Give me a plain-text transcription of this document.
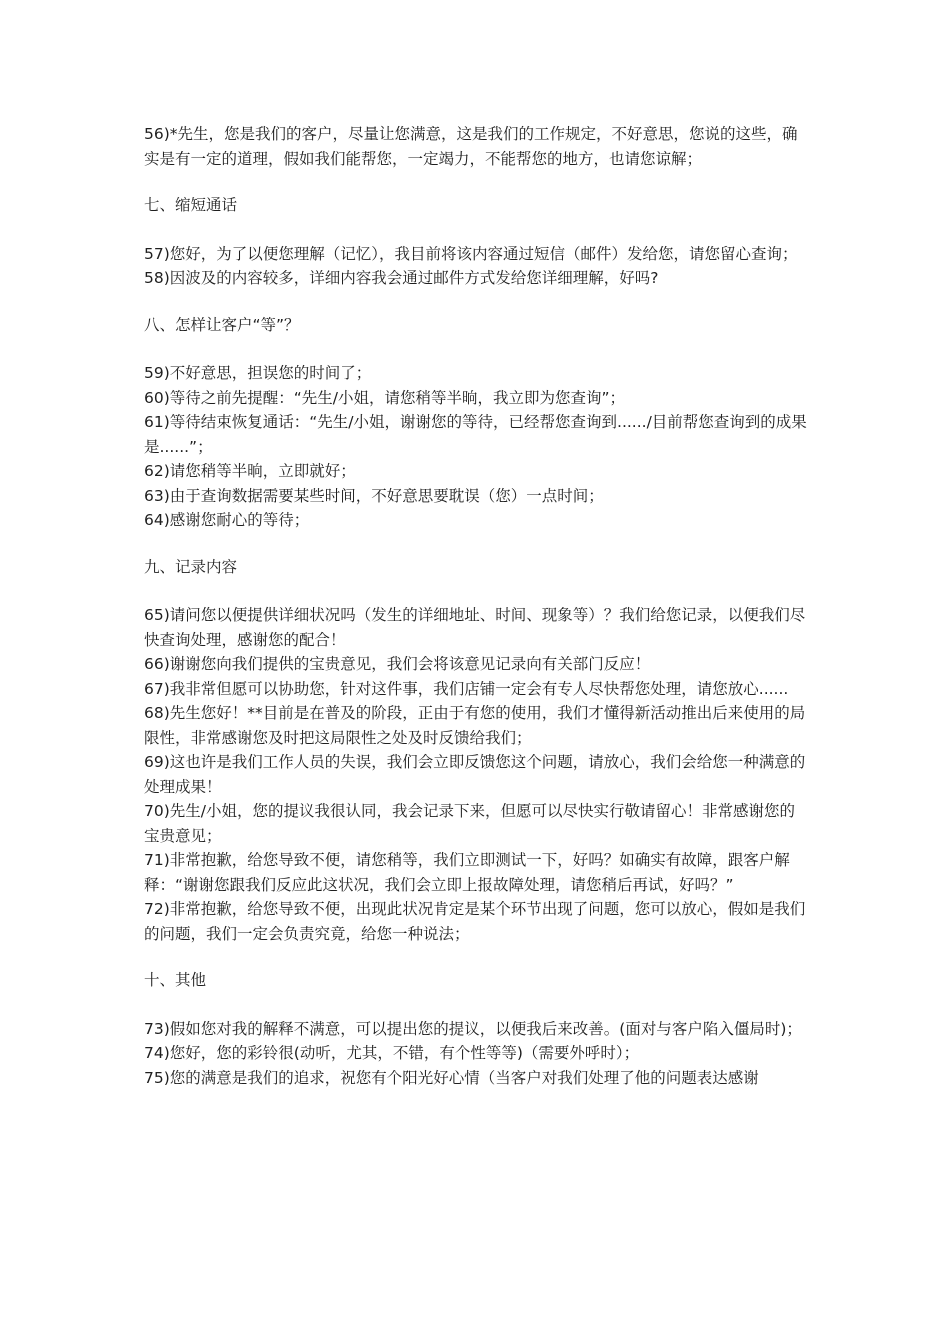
56)*先生，您是我们的客户，尽量让您满意，这是我们的工作规定，不好意思，您说的这些，确实是有一定的道理，假如我们能帮您，一定竭力，不能帮您的地方，也请您谅解；

七、缩短通话

57)您好，为了以便您理解（记忆），我目前将该内容通过短信（邮件）发给您，请您留心查询；

58)因波及的内容较多，详细内容我会通过邮件方式发给您详细理解，好吗?

八、怎样让客户“等”？

59)不好意思，担误您的时间了；

60)等待之前先提醒：“先生/小姐，请您稍等半晌，我立即为您查询”；

61)等待结束恢复通话：“先生/小姐，谢谢您的等待，已经帮您查询到....../目前帮您查询到的成果是......”；

62)请您稍等半晌，立即就好；

63)由于查询数据需要某些时间，不好意思要耽误（您）一点时间；

64)感谢您耐心的等待；

九、记录内容

65)请问您以便提供详细状况吗（发生的详细地址、时间、现象等）？我们给您记录，以便我们尽快查询处理，感谢您的配合！

66)谢谢您向我们提供的宝贵意见，我们会将该意见记录向有关部门反应！

67)我非常但愿可以协助您，针对这件事，我们店铺一定会有专人尽快帮您处理，请您放心......

68)先生您好！**目前是在普及的阶段，正由于有您的使用，我们才懂得新活动推出后来使用的局限性，非常感谢您及时把这局限性之处及时反馈给我们；

69)这也许是我们工作人员的失误，我们会立即反馈您这个问题，请放心，我们会给您一种满意的处理成果！

70)先生/小姐，您的提议我很认同，我会记录下来，但愿可以尽快实行敬请留心！非常感谢您的宝贵意见；

71)非常抱歉，给您导致不便，请您稍等，我们立即测试一下，好吗？如确实有故障，跟客户解释：“谢谢您跟我们反应此这状况，我们会立即上报故障处理，请您稍后再试，好吗？”

72)非常抱歉，给您导致不便，出现此状况肯定是某个环节出现了问题，您可以放心，假如是我们的问题，我们一定会负责究竟，给您一种说法；

十、其他

73)假如您对我的解释不满意，可以提出您的提议，以便我后来改善。(面对与客户陷入僵局时)；

74)您好，您的彩铃很(动听，尤其，不错，有个性等等)（需要外呼时）；

75)您的满意是我们的追求，祝您有个阳光好心情（当客户对我们处理了他的问题表达感谢
